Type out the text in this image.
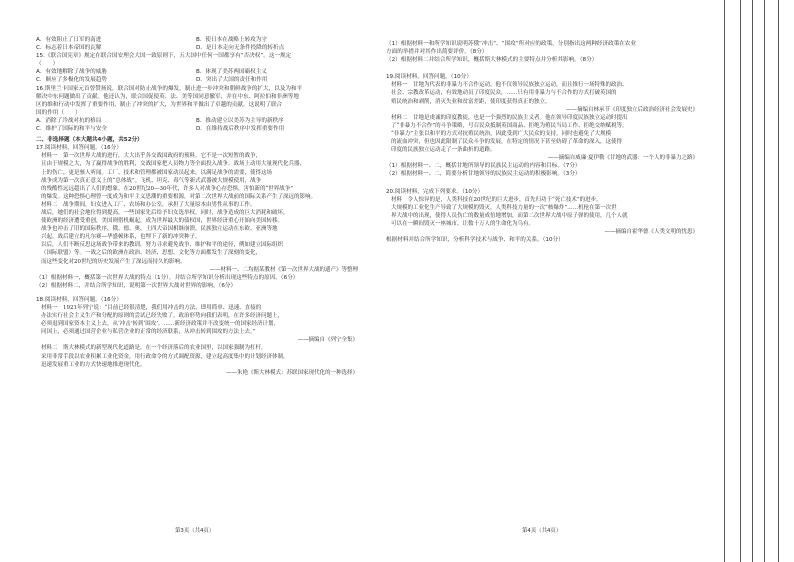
A．有效阻止了日军的南进	B．使日本在战略上转攻为守
C．标志着日本帝国的瓦解	D．是日本走向无条件投降的转折点

15.《联合国宪章》规定在联合国安理会大国一致原则下，五大国中任何一国都享有“否决权”。这一规定

（　　）

A．有效地解除了战争的威胁	B．体现了美苏两国霸权主义
C．顺应了多极化的发展趋势	D．突出了大国的责任和作用

16.斯里兰卡国家元首曾赞扬说，联合国对防止战争的爆发，制止进一步冲突和朝鲜战争的扩大，以及为和平

解决中东问题做出了贡献。他还认为，联合国促使英、法、美等国同意撤军，并在中东、阿拉伯和非洲等地

区的维和行动中发挥了重要作用，制止了冲突的扩大，为世界和平做出了卓越的贡献。这说明了联合

国的作用（　　）

A．消除了冷战对抗的格局	B．推动建立以美苏为主导的新秩序
C．维护了国际的和平与安全	D．在维持战后秩序中发挥重要作用

二、非选择题（本大题共4小题，共52分）

17.阅读材料，回答问题。（16分）

材料一　第一次世界大战的进行，大大出乎各交战国政府的预料。它不是一次短暂的战争，

且由于规模之大，为了赢得战争的胜利，交战国家把人员物力等全面投入战争。战场上动用大量现代化兵器，

上的伤亡，更是骇人听闻。工厂、技术和管理都被国家动员起来，以满足战争的需要，使得这场

战争成为第一次真正意义上的“总体战”。飞机、坦克、毒气等新式武器被大规模使用，战争

的残酷性远远超出了人们的想象。在20世纪20—30年代，许多人对战争心存恐惧，害怕新的“世界战争”

的爆发。这种恐惧心理曾一度成为和平主义思潮的重要根源，对第二次世界大战前的国际关系产生了深远的影响。

材料二　战争期间，妇女进入工厂、农场和办公室，承担了大量原本由男性从事的工作。

战后，她们的社会地位得到提高，一些国家先后给予妇女选举权。同时，战争造成的巨大消耗和破坏，

使欧洲的经济遭受重创，美国则借机崛起，成为世界最大的债权国，世界经济重心开始向美国转移。

战争也冲击了旧的国际秩序，俄、德、奥、土四大帝国相继崩溃，民族独立运动在东欧、亚洲等地

兴起。战后建立的凡尔赛—华盛顿体系，也埋下了新的冲突种子。

以后，人们不断反思这场战争带来的教训，努力寻求避免战争、维护和平的途径，例如建立国际组织

（国际联盟）等。一战之后的欧洲在政治、经济、思想、文化等方面都发生了深刻的变化，

而这些变化对20世纪的历史发展产生了深远而持久的影响。

——材料一、二均据某教材《第一次世界大战的遗产》等整理

（1）根据材料一，概括第一次世界大战的特点（1分），并结合所学知识分析出现这些特点的原因。（6分）

（2）根据材料二，并结合所学知识，说明第一次世界大战对世界的影响。（6分）

18.阅读材料，回答问题。（16分）

材料一　1921年列宁说：“目前已经很清楚，我们用冲击的方法，即用简单、迅速、直接的

办法实行社会主义生产和分配的原则的尝试已经失败了。政治形势向我们表明，在许多经济问题上，

必须退到国家资本主义上去，从‘冲击’转到‘围攻’。……新经济政策并不改变统一的国家经济计划，

同国上，必须通过国营企业与私营企业的正常的经济联系，从冲击转到围攻的方法上去。”

——摘编自《列宁全集》

材料二　斯大林模式的新型现代化道路是，在一个经济落后的农业国里，以国家强制为杠杆，

采用非常手段以农业积累工业化资金，用行政命令的方式调配资源，建立起高度集中的计划经济体制，

迅速发展重工业的方式快速地推进现代化。

——朱艳《斯大林模式：苏联国家现代化的一种选择》

第3页（共4页）

（1）根据材料一和所学知识说明苏俄“冲击”、“围攻”所对应的政策，分别指出这两种经济政策在农业

方面的举措并对其作出简要评价。（8分）

（2）根据材料二并结合所学知识，概括斯大林模式的主要特点并分析其影响。（8分）

19.阅读材料，回答问题。（10分）

材料一　甘地为代表的非暴力不合作运动，他不仅领导民族独立运动，而且推行一场特殊的政治、

社会、宗教改革运动，有效地动员了印度民众，……只有用非暴力与不合作的方式打破英国的

殖民统治和剥削，消灭失业和贫富差距，使印度获得真正的独立。

——摘编自林承节《印度独立后政治经济社会发展史》

材料二　甘地是虔诚的印度教徒，也是一个强烈的民族主义者。他在领导印度民族独立运动时提出

了“非暴力不合作”的斗争策略，号召民众抵制英国商品、拒绝为殖民当局工作、拒绝交纳赋税等。

“非暴力”主张以和平的方式对抗殖民统治，因此受到广大民众的支持，同时也避免了大规模

的流血冲突，但也因此限制了民众斗争的发展，在特定的情况下甚至妨碍了革命的深入，这使得

印度的民族独立运动走了一条曲折的道路。

——摘编自威廉·夏伊勒《甘地的武器：一个人的非暴力之路》

（1）根据材料一、二，概括甘地所领导的民族民主运动的内容和目标。（7分）

（2）根据材料一、二，简要分析甘地领导的民族民主运动的积极影响。（3分）

20.阅读材料，完成下列要求。（10分）

材料　令人惊异的是，人类科技在20世纪的巨大进步，首先归功于“死亡技术”的进步，

大规模的工业化生产导致了大规模的毁灭。人类科技力量的一次“核爆炸”……机枪在第一次世

界大战中的出现，使得人员伤亡的数量成倍地增加，而第二次世界大战中原子弹的使用，几个人就

可以在一瞬间毁灭一座城市，让数十万人的生命化为乌有。

——摘编自霍华德《人类文明的忧患》

根据材料并结合所学知识，分析科学技术与战争、和平的关系。（10分）

第4页（共4页）
